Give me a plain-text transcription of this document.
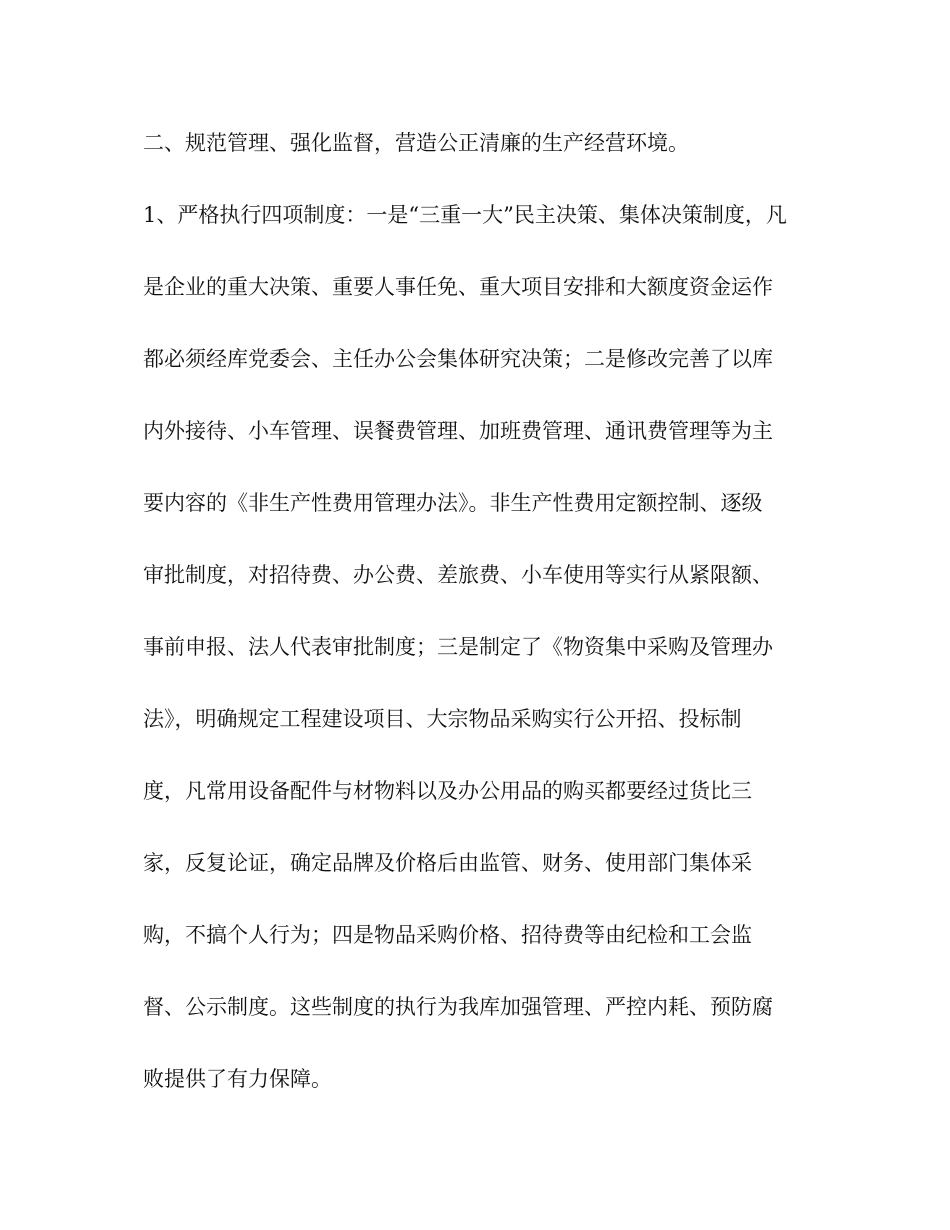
二、规范管理、强化监督，营造公正清廉的生产经营环境。

1、严格执行四项制度：一是“三重一大”民主决策、集体决策制度，凡

是企业的重大决策、重要人事任免、重大项目安排和大额度资金运作

都必须经库党委会、主任办公会集体研究决策；二是修改完善了以库

内外接待、小车管理、误餐费管理、加班费管理、通讯费管理等为主

要内容的《非生产性费用管理办法》。非生产性费用定额控制、逐级

审批制度，对招待费、办公费、差旅费、小车使用等实行从紧限额、

事前申报、法人代表审批制度；三是制定了《物资集中采购及管理办

法》，明确规定工程建设项目、大宗物品采购实行公开招、投标制

度，凡常用设备配件与材物料以及办公用品的购买都要经过货比三

家，反复论证，确定品牌及价格后由监管、财务、使用部门集体采

购，不搞个人行为；四是物品采购价格、招待费等由纪检和工会监

督、公示制度。这些制度的执行为我库加强管理、严控内耗、预防腐

败提供了有力保障。
